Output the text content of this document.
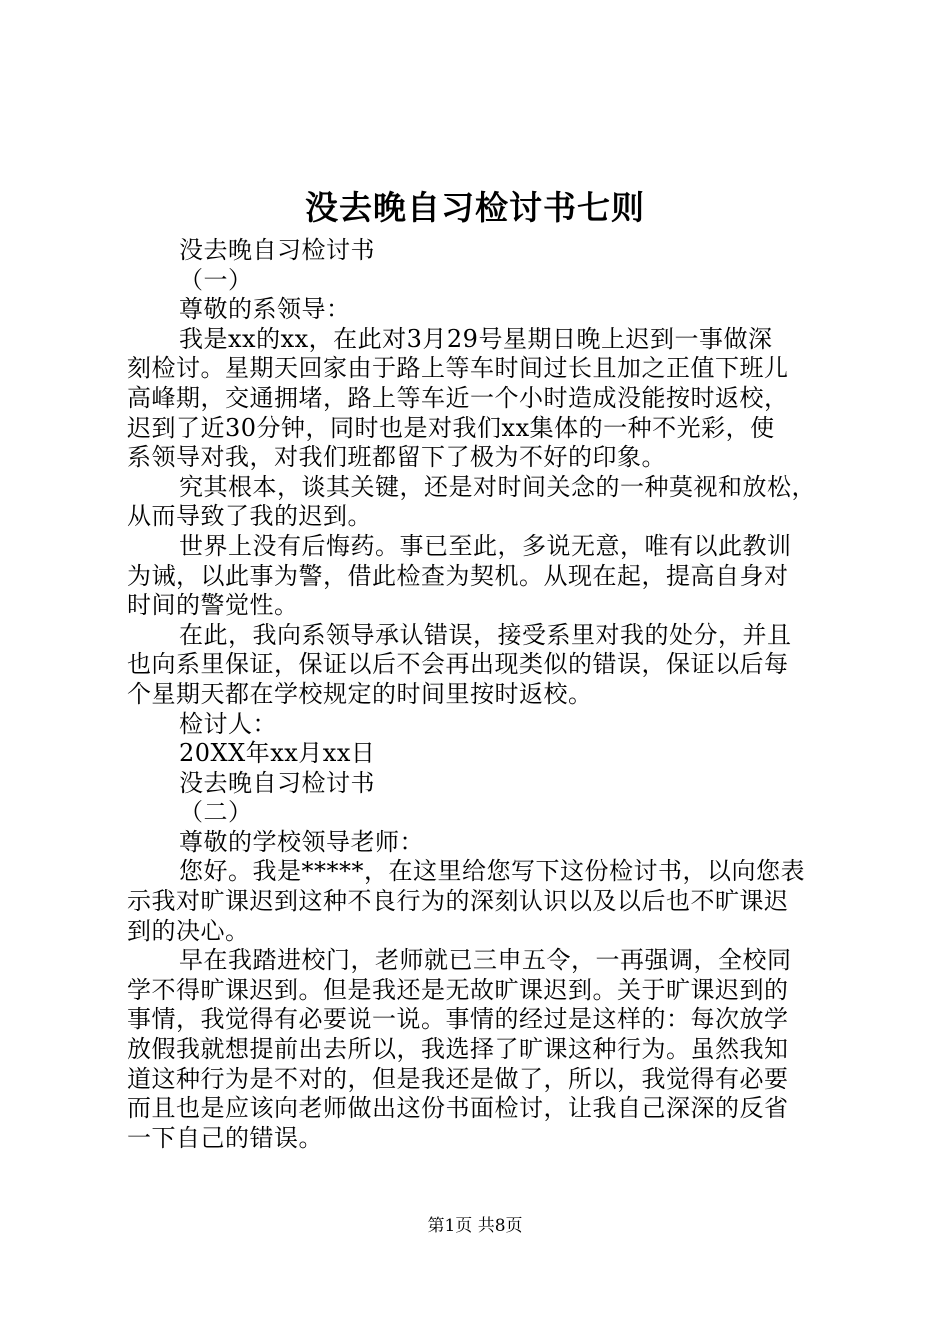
没去晚自习检讨书七则
没去晚自习检讨书
（一）
尊敬的系领导：
我是xx的xx，在此对3月29号星期日晚上迟到一事做深
刻检讨。星期天回家由于路上等车时间过长且加之正值下班儿
高峰期，交通拥堵，路上等车近一个小时造成没能按时返校，
迟到了近30分钟，同时也是对我们xx集体的一种不光彩，使
系领导对我，对我们班都留下了极为不好的印象。
究其根本，谈其关键，还是对时间关念的一种莫视和放松，
从而导致了我的迟到。
世界上没有后悔药。事已至此，多说无意，唯有以此教训
为诫，以此事为警，借此检查为契机。从现在起，提高自身对
时间的警觉性。
在此，我向系领导承认错误，接受系里对我的处分，并且
也向系里保证，保证以后不会再出现类似的错误，保证以后每
个星期天都在学校规定的时间里按时返校。
检讨人：
20XX年xx月xx日
没去晚自习检讨书
（二）
尊敬的学校领导老师：
您好。我是*****，在这里给您写下这份检讨书，以向您表
示我对旷课迟到这种不良行为的深刻认识以及以后也不旷课迟
到的决心。
早在我踏进校门，老师就已三申五令，一再强调，全校同
学不得旷课迟到。但是我还是无故旷课迟到。关于旷课迟到的
事情，我觉得有必要说一说。事情的经过是这样的：每次放学
放假我就想提前出去所以，我选择了旷课这种行为。虽然我知
道这种行为是不对的，但是我还是做了，所以，我觉得有必要
而且也是应该向老师做出这份书面检讨，让我自己深深的反省
一下自己的错误。
第1页 共8页
